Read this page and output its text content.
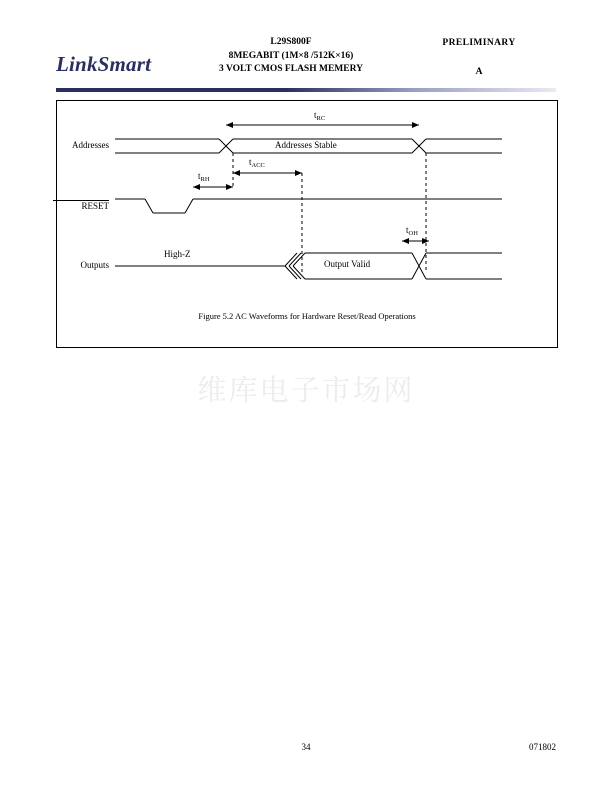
LinkSmart
L29S800F
8MEGABIT (1M×8 /512K×16)
3 VOLT CMOS FLASH MEMERY
PRELIMINARY
A
Addresses
RESET
Outputs
Addresses Stable
High-Z
Output Valid
$t_{RC}$
$t_{RH}$
$t_{ACC}$
$t_{OH}$
Figure 5.2 AC Waveforms for Hardware Reset/Read Operations
维库电子市场网
34	071802
